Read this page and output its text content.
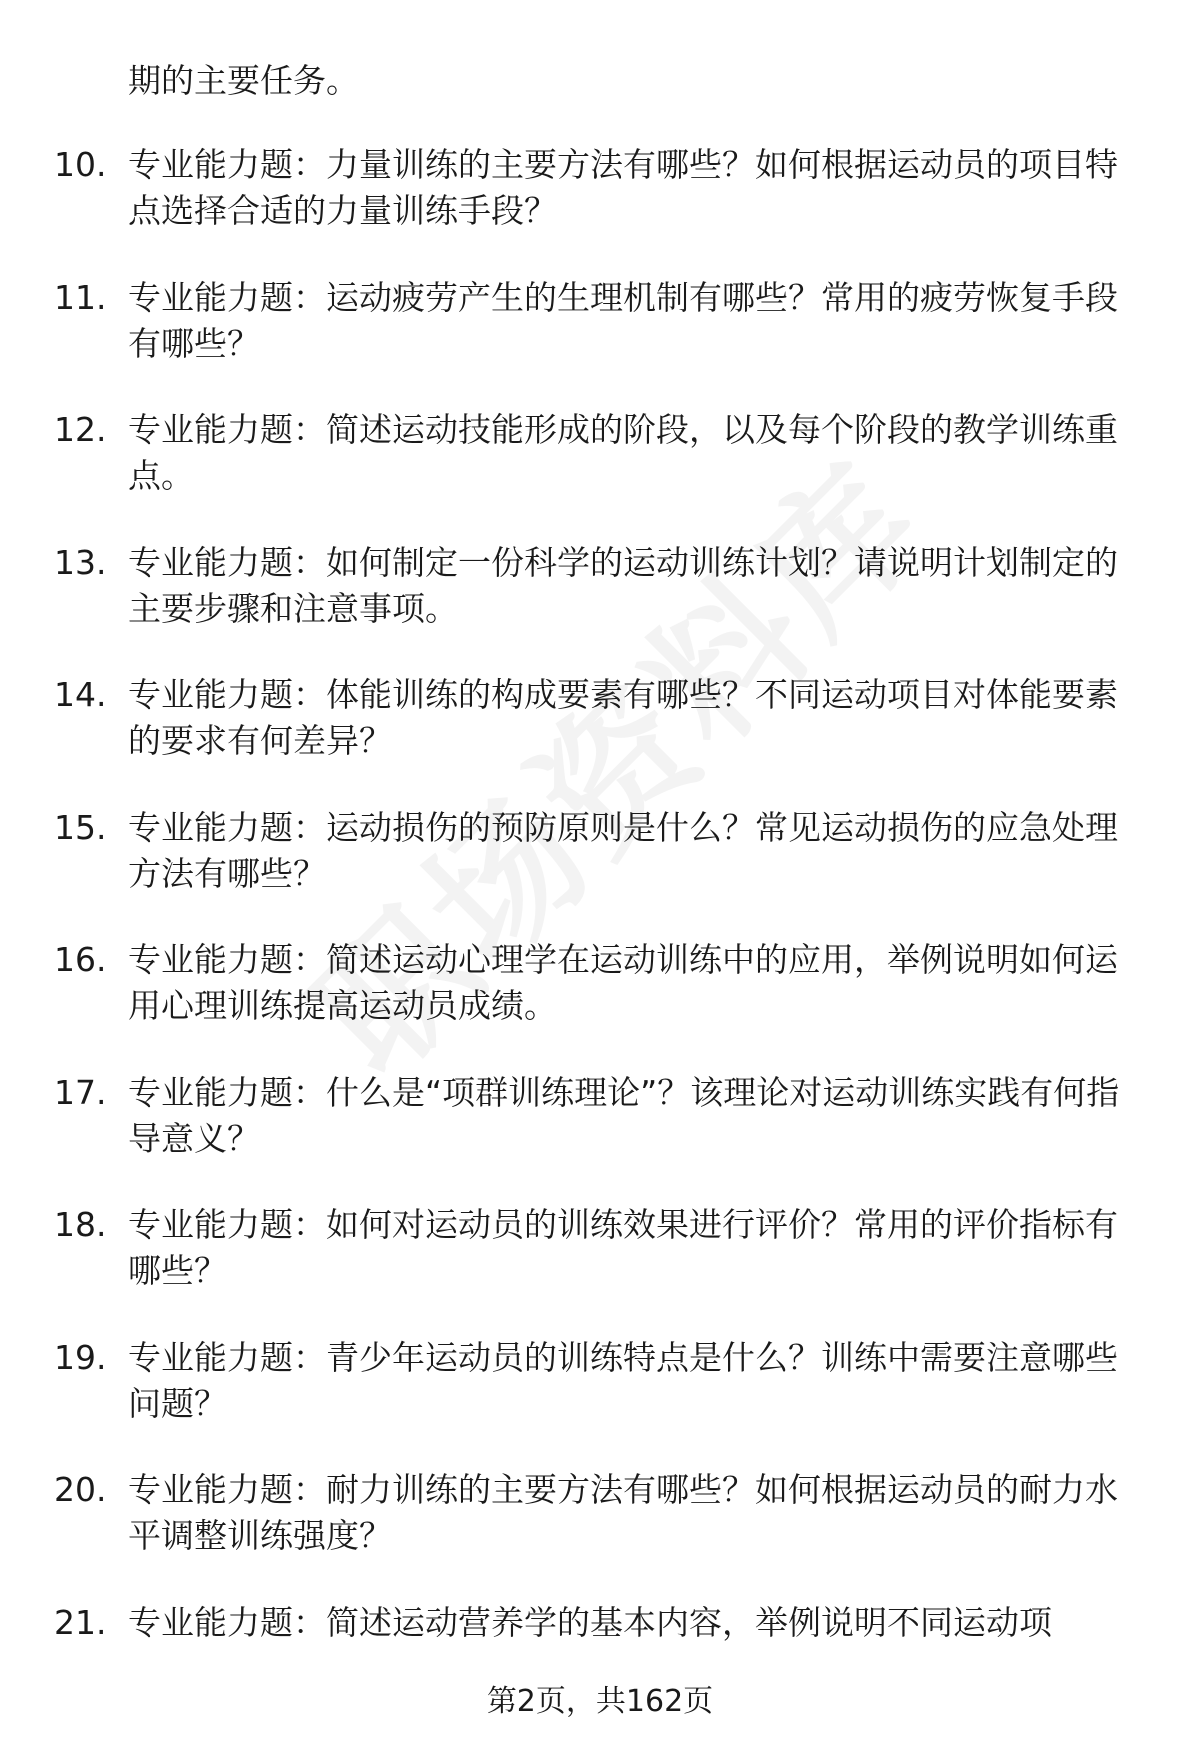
期的主要任务。
10. 专业能力题：力量训练的主要方法有哪些？如何根据运动员的项目特点选择合适的力量训练手段？
11. 专业能力题：运动疲劳产生的生理机制有哪些？常用的疲劳恢复手段有哪些？
12. 专业能力题：简述运动技能形成的阶段，以及每个阶段的教学训练重点。
13. 专业能力题：如何制定一份科学的运动训练计划？请说明计划制定的主要步骤和注意事项。
14. 专业能力题：体能训练的构成要素有哪些？不同运动项目对体能要素的要求有何差异？
15. 专业能力题：运动损伤的预防原则是什么？常见运动损伤的应急处理方法有哪些？
16. 专业能力题：简述运动心理学在运动训练中的应用，举例说明如何运用心理训练提高运动员成绩。
17. 专业能力题：什么是“项群训练理论”？该理论对运动训练实践有何指导意义？
18. 专业能力题：如何对运动员的训练效果进行评价？常用的评价指标有哪些？
19. 专业能力题：青少年运动员的训练特点是什么？训练中需要注意哪些问题？
20. 专业能力题：耐力训练的主要方法有哪些？如何根据运动员的耐力水平调整训练强度？
21. 专业能力题：简述运动营养学的基本内容，举例说明不同运动项
第2页，共162页
